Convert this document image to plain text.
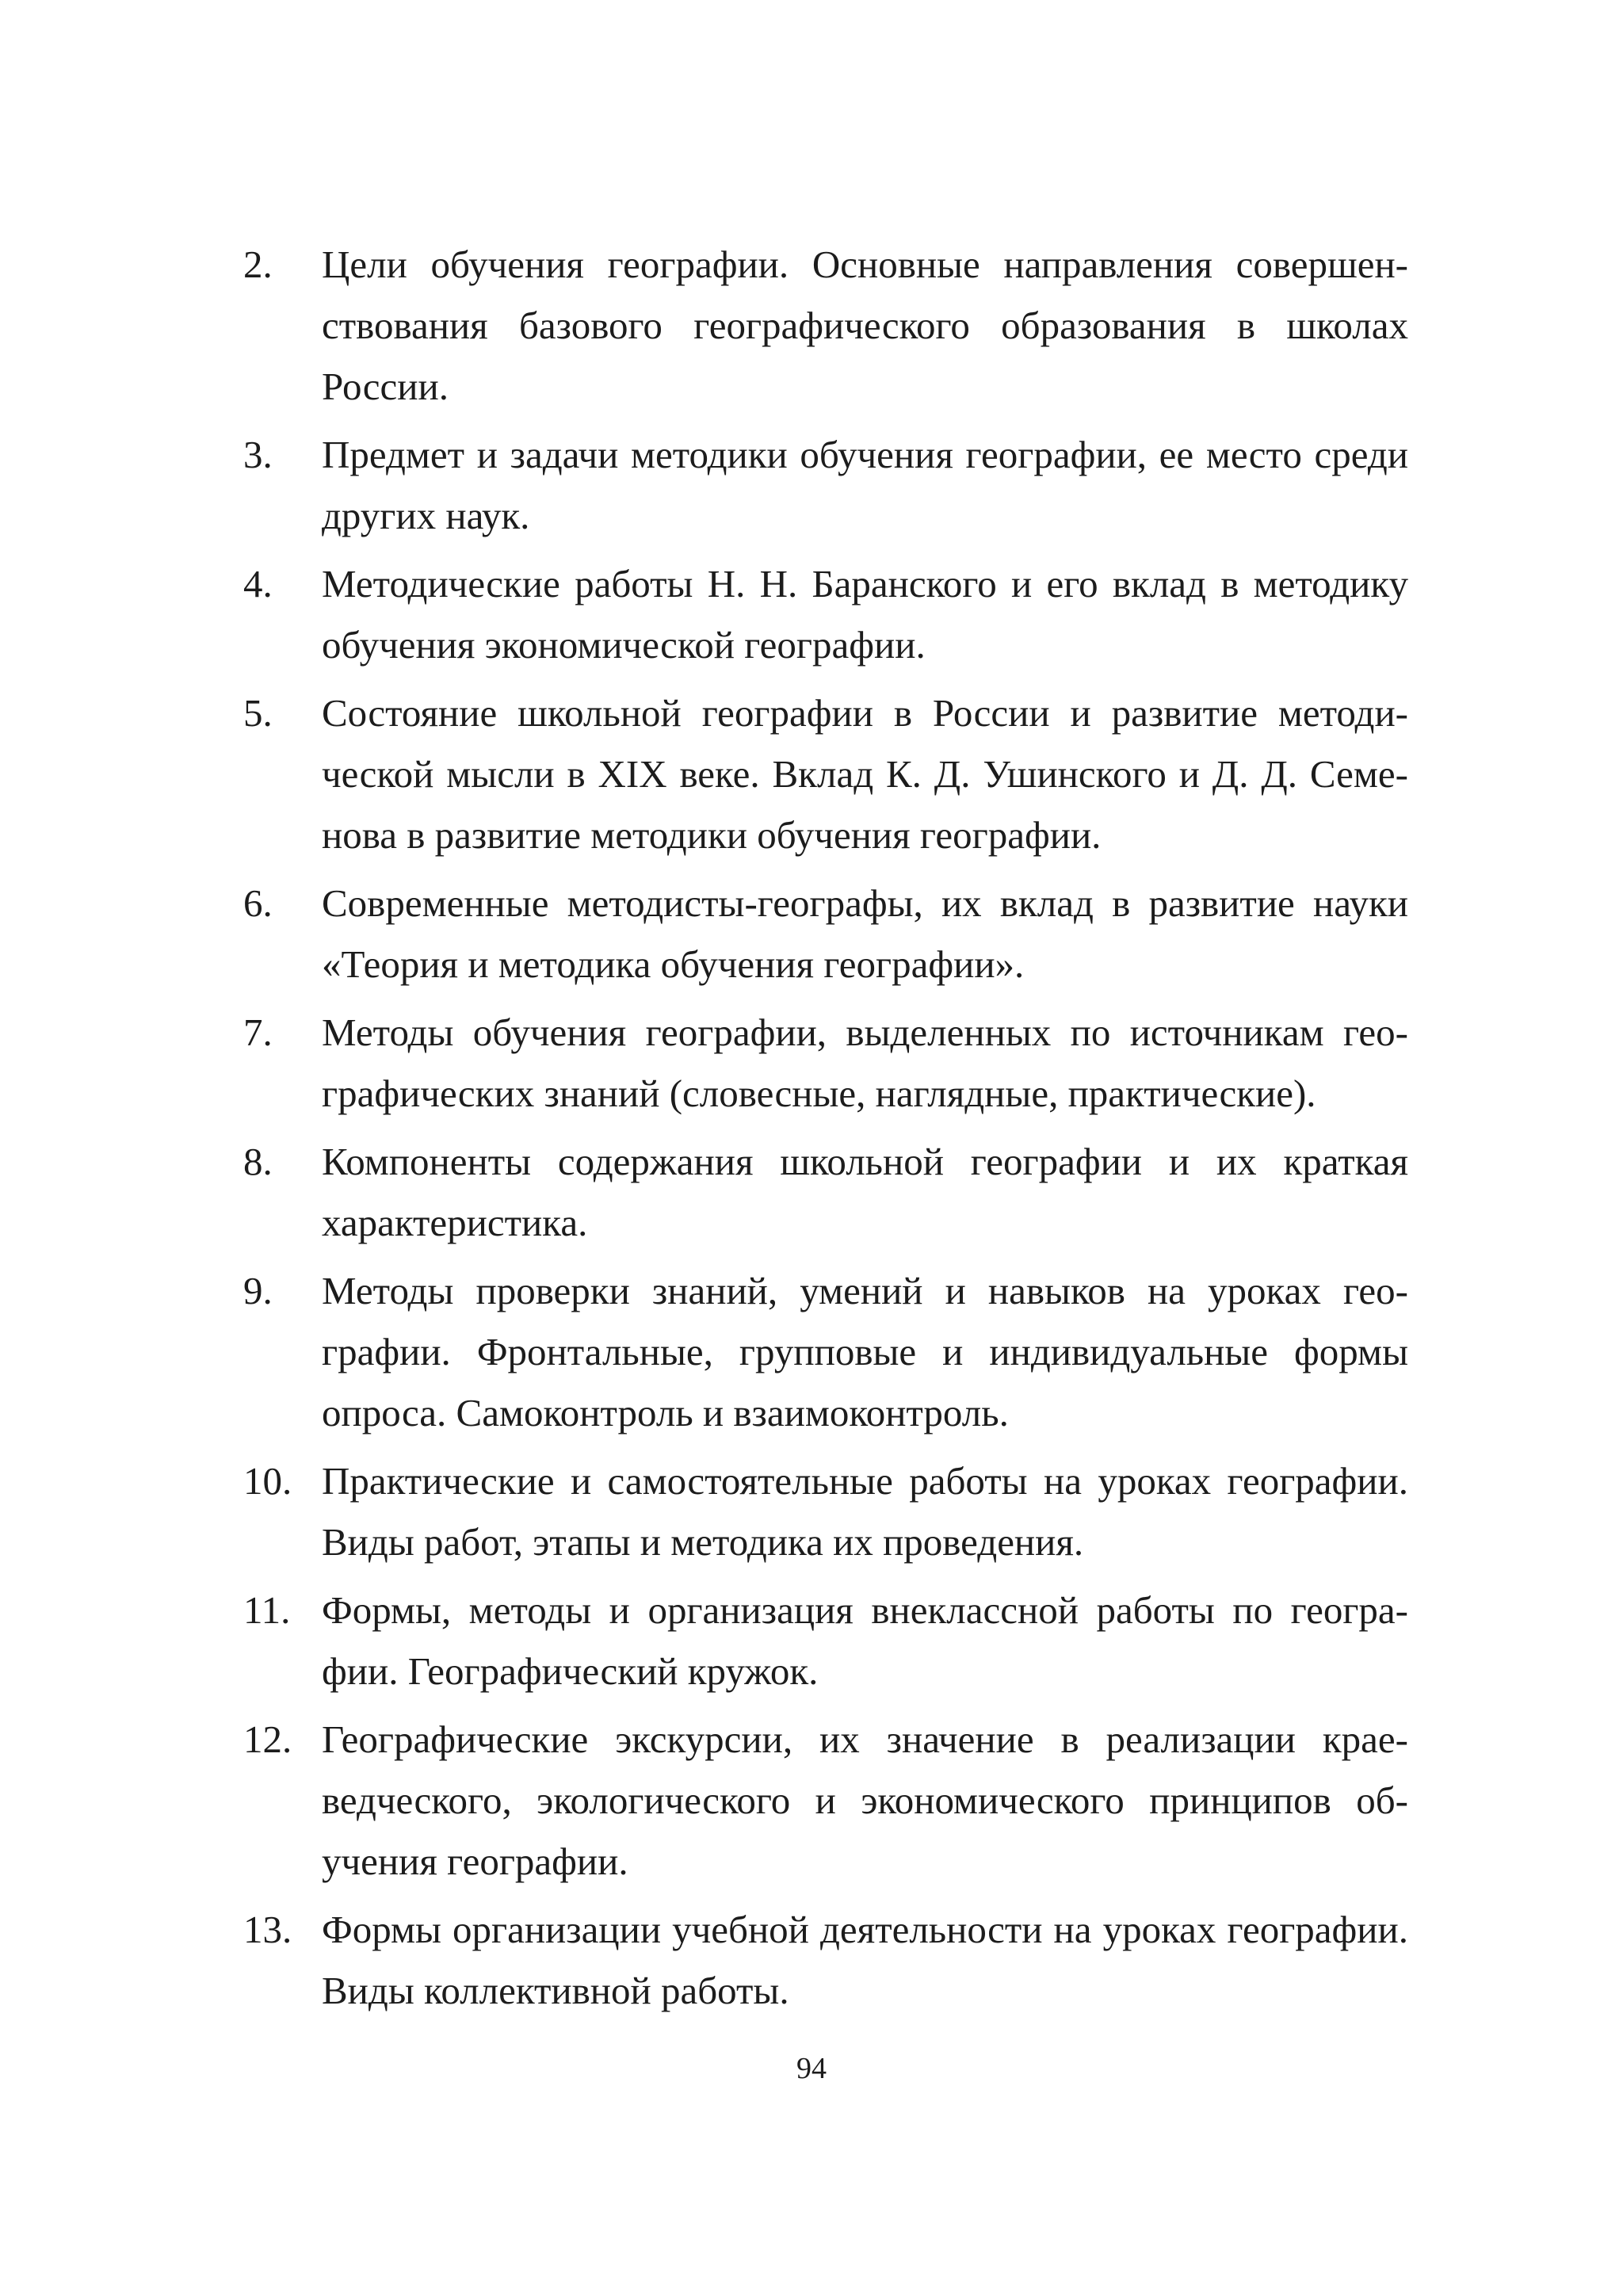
2. Цели обучения географии. Основные направления совершенствования базового географического образования в школах России.
3. Предмет и задачи методики обучения географии, ее место среди других наук.
4. Методические работы Н. Н. Баранского и его вклад в методику обучения экономической географии.
5. Состояние школьной географии в России и развитие методической мысли в XIX веке. Вклад К. Д. Ушинского и Д. Д. Семенова в развитие методики обучения географии.
6. Современные методисты-географы, их вклад в развитие науки «Теория и методика обучения географии».
7. Методы обучения географии, выделенных по источникам географических знаний (словесные, наглядные, практические).
8. Компоненты содержания школьной географии и их краткая характеристика.
9. Методы проверки знаний, умений и навыков на уроках географии. Фронтальные, групповые и индивидуальные формы опроса. Самоконтроль и взаимоконтроль.
10. Практические и самостоятельные работы на уроках географии. Виды работ, этапы и методика их проведения.
11. Формы, методы и организация внеклассной работы по географии. Географический кружок.
12. Географические экскурсии, их значение в реализации краеведческого, экологического и экономического принципов обучения географии.
13. Формы организации учебной деятельности на уроках географии. Виды коллективной работы.
94
